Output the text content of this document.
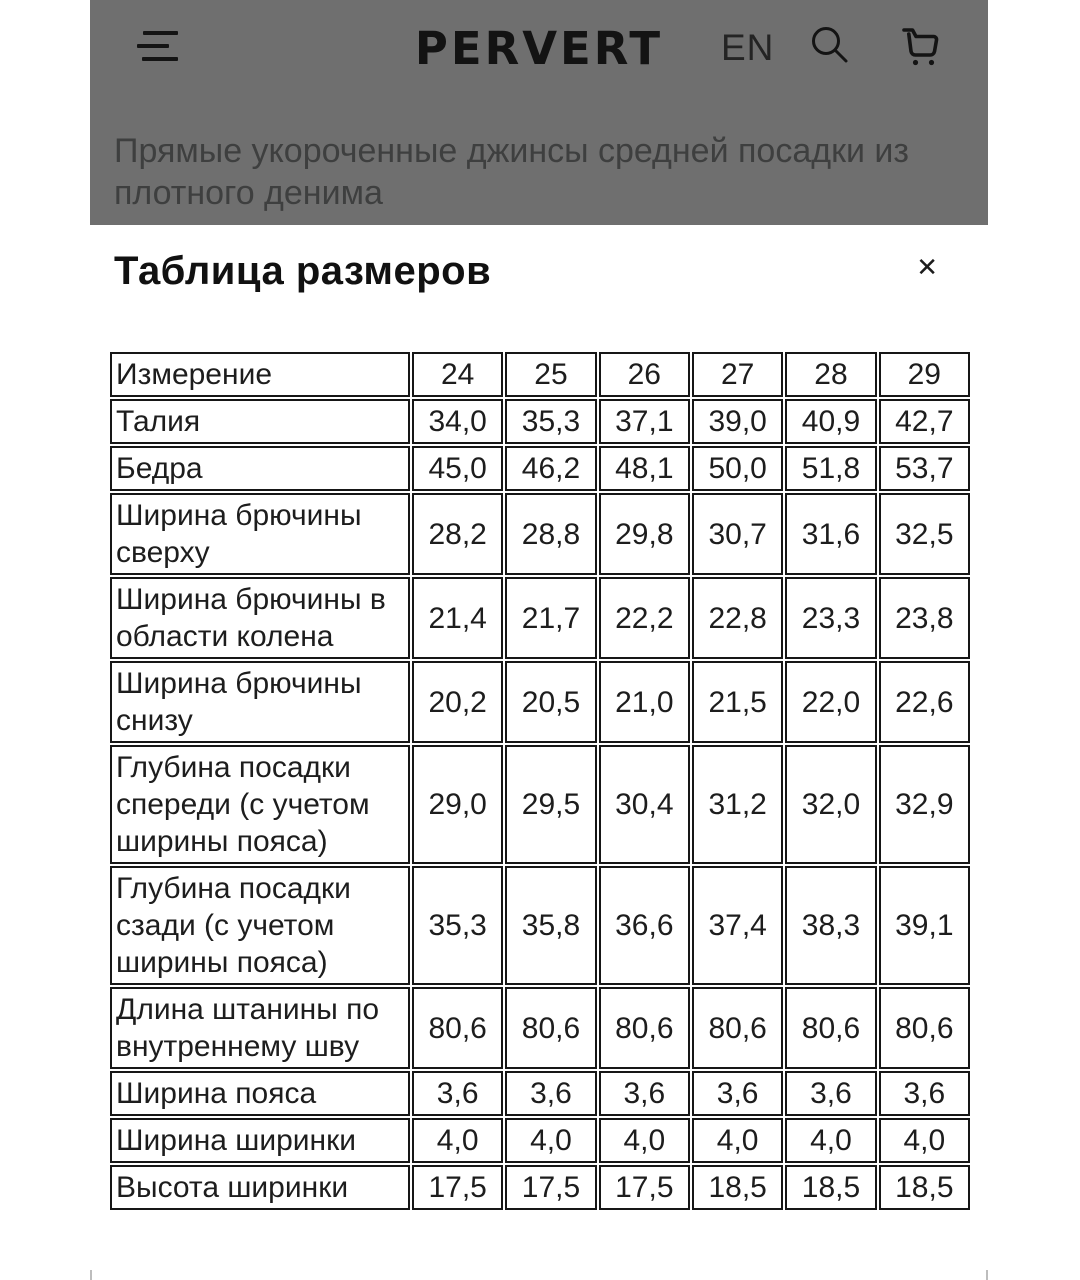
PERVERT	EN
Прямые укороченные джинсы средней посадки из плотного денима
Таблица размеров	✕
Измерение	24	25	26	27	28	29
Талия	34,0	35,3	37,1	39,0	40,9	42,7
Бедра	45,0	46,2	48,1	50,0	51,8	53,7
Ширина брючины сверху	28,2	28,8	29,8	30,7	31,6	32,5
Ширина брючины в области колена	21,4	21,7	22,2	22,8	23,3	23,8
Ширина брючины снизу	20,2	20,5	21,0	21,5	22,0	22,6
Глубина посадки спереди (с учетом ширины пояса)	29,0	29,5	30,4	31,2	32,0	32,9
Глубина посадки сзади (с учетом ширины пояса)	35,3	35,8	36,6	37,4	38,3	39,1
Длина штанины по внутреннему шву	80,6	80,6	80,6	80,6	80,6	80,6
Ширина пояса	3,6	3,6	3,6	3,6	3,6	3,6
Ширина ширинки	4,0	4,0	4,0	4,0	4,0	4,0
Высота ширинки	17,5	17,5	17,5	18,5	18,5	18,5
